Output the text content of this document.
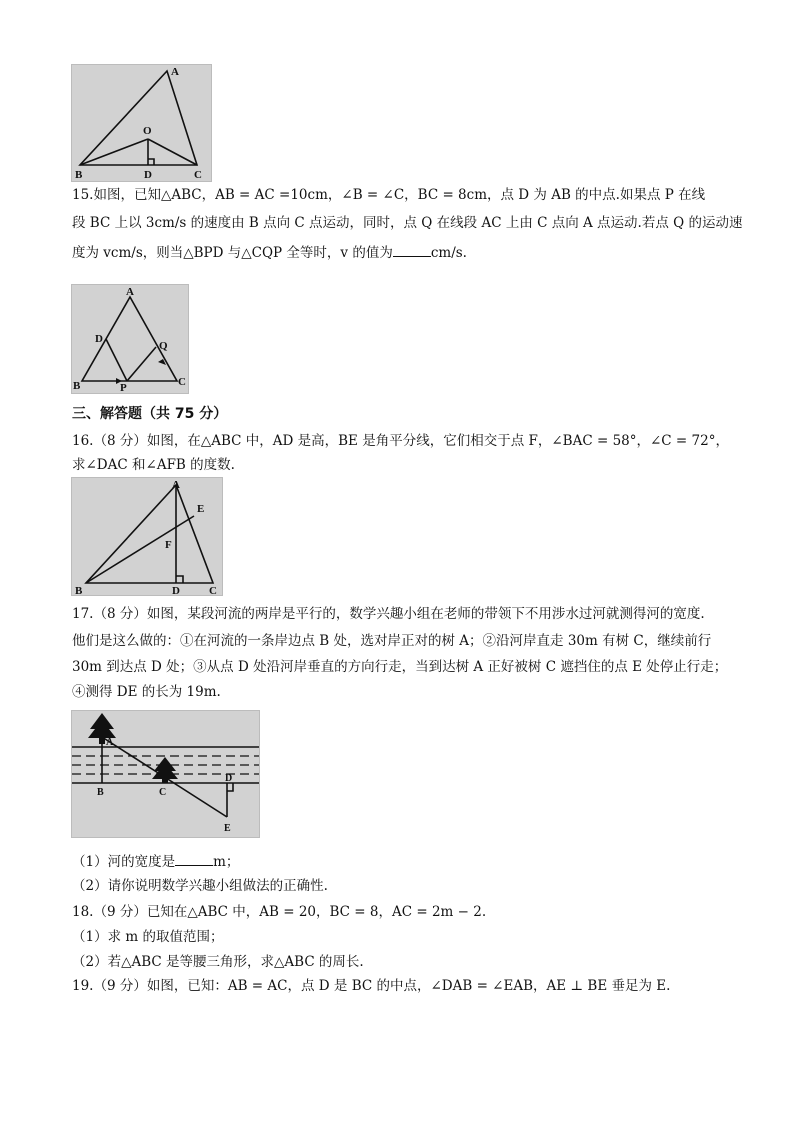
A
O
B	D	C
15.如图，已知△ABC，AB = AC =10cm，∠B = ∠C，BC = 8cm，点 D 为 AB 的中点.如果点 P 在线
段 BC 上以 3cm/s 的速度由 B 点向 C 点运动，同时，点 Q 在线段 AC 上由 C 点向 A 点运动.若点 Q 的运动速
度为 vcm/s，则当△BPD 与△CQP 全等时，v 的值为	cm/s.
A
D
Q
B	P	C
三、解答题（共 75 分）
16.（8 分）如图，在△ABC 中，AD 是高，BE 是角平分线，它们相交于点 F，∠BAC = 58°，∠C = 72°，
求∠DAC 和∠AFB 的度数.
A
E
F
B	D	C
17.（8 分）如图，某段河流的两岸是平行的，数学兴趣小组在老师的带领下不用涉水过河就测得河的宽度.
他们是这么做的：①在河流的一条岸边点 B 处，选对岸正对的树 A；②沿河岸直走 30m 有树 C，继续前行
30m 到达点 D 处；③从点 D 处沿河岸垂直的方向行走，当到达树 A 正好被树 C 遮挡住的点 E 处停止行走；
④测得 DE 的长为 19m.
A
B	C
D
E
（1）河的宽度是	m；
（2）请你说明数学兴趣小组做法的正确性.
18.（9 分）已知在△ABC 中，AB = 20，BC = 8，AC = 2m − 2.
（1）求 m 的取值范围；
（2）若△ABC 是等腰三角形，求△ABC 的周长.
19.（9 分）如图，已知：AB = AC，点 D 是 BC 的中点，∠DAB = ∠EAB，AE ⊥ BE 垂足为 E.
